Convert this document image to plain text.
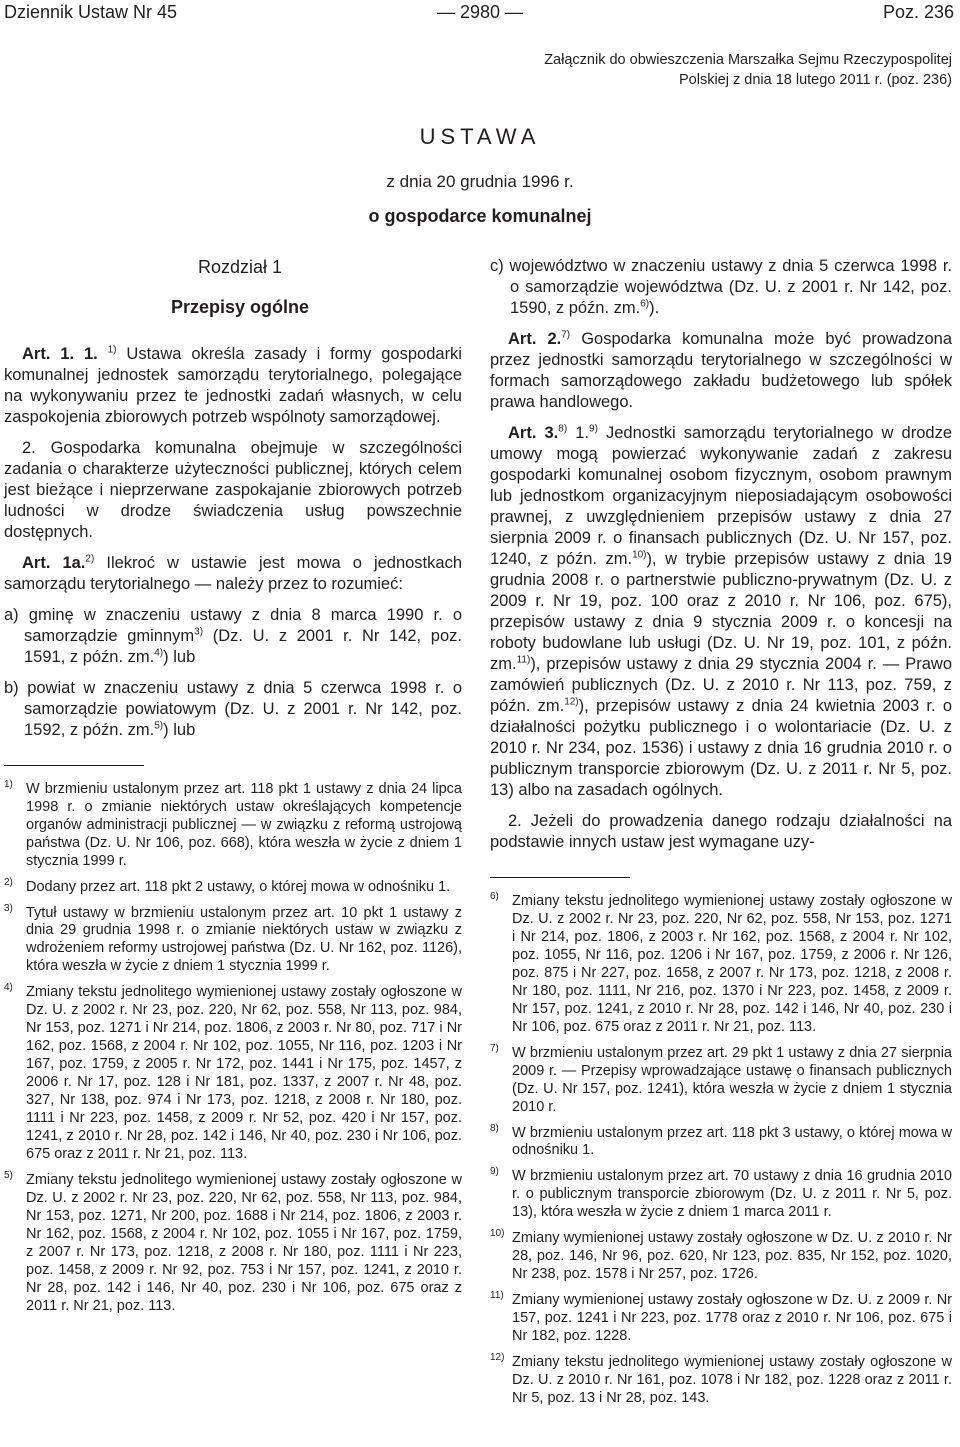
Dziennik Ustaw Nr 45	— 2980 —	Poz. 236
Załącznik do obwieszczenia Marszałka Sejmu Rzeczypospolitej
Polskiej z dnia 18 lutego 2011 r. (poz. 236)
USTAWA
z dnia 20 grudnia 1996 r.
o gospodarce komunalnej
Rozdział 1
Przepisy ogólne

Art. 1. 1. $^{1)}$ Ustawa określa zasady i formy gospodarki komunalnej jednostek samorządu terytorialnego, polegające na wykonywaniu przez te jednostki zadań własnych, w celu zaspokojenia zbiorowych potrzeb wspólnoty samorządowej.

2. Gospodarka komunalna obejmuje w szczególności zadania o charakterze użyteczności publicznej, których celem jest bieżące i nieprzerwane zaspokajanie zbiorowych potrzeb ludności w drodze świadczenia usług powszechnie dostępnych.

Art. 1a.$^{2)}$ Ilekroć w ustawie jest mowa o jednostkach samorządu terytorialnego — należy przez to rozumieć:

a) gminę w znaczeniu ustawy z dnia 8 marca 1990 r. o samorządzie gminnym$^{3)}$ (Dz. U. z 2001 r. Nr 142, poz. 1591, z późn. zm.$^{4)}$) lub
b) powiat w znaczeniu ustawy z dnia 5 czerwca 1998 r. o samorządzie powiatowym (Dz. U. z 2001 r. Nr 142, poz. 1592, z późn. zm.$^{5)}$) lub
1) W brzmieniu ustalonym przez art. 118 pkt 1 ustawy z dnia 24 lipca 1998 r. o zmianie niektórych ustaw określających kompetencje organów administracji publicznej — w związku z reformą ustrojową państwa (Dz. U. Nr 106, poz. 668), która weszła w życie z dniem 1 stycznia 1999 r.
2) Dodany przez art. 118 pkt 2 ustawy, o której mowa w odnośniku 1.
3) Tytuł ustawy w brzmieniu ustalonym przez art. 10 pkt 1 ustawy z dnia 29 grudnia 1998 r. o zmianie niektórych ustaw w związku z wdrożeniem reformy ustrojowej państwa (Dz. U. Nr 162, poz. 1126), która weszła w życie z dniem 1 stycznia 1999 r.
4) Zmiany tekstu jednolitego wymienionej ustawy zostały ogłoszone w Dz. U. z 2002 r. Nr 23, poz. 220, Nr 62, poz. 558, Nr 113, poz. 984, Nr 153, poz. 1271 i Nr 214, poz. 1806, z 2003 r. Nr 80, poz. 717 i Nr 162, poz. 1568, z 2004 r. Nr 102, poz. 1055, Nr 116, poz. 1203 i Nr 167, poz. 1759, z 2005 r. Nr 172, poz. 1441 i Nr 175, poz. 1457, z 2006 r. Nr 17, poz. 128 i Nr 181, poz. 1337, z 2007 r. Nr 48, poz. 327, Nr 138, poz. 974 i Nr 173, poz. 1218, z 2008 r. Nr 180, poz. 1111 i Nr 223, poz. 1458, z 2009 r. Nr 52, poz. 420 i Nr 157, poz. 1241, z 2010 r. Nr 28, poz. 142 i 146, Nr 40, poz. 230 i Nr 106, poz. 675 oraz z 2011 r. Nr 21, poz. 113.
5) Zmiany tekstu jednolitego wymienionej ustawy zostały ogłoszone w Dz. U. z 2002 r. Nr 23, poz. 220, Nr 62, poz. 558, Nr 113, poz. 984, Nr 153, poz. 1271, Nr 200, poz. 1688 i Nr 214, poz. 1806, z 2003 r. Nr 162, poz. 1568, z 2004 r. Nr 102, poz. 1055 i Nr 167, poz. 1759, z 2007 r. Nr 173, poz. 1218, z 2008 r. Nr 180, poz. 1111 i Nr 223, poz. 1458, z 2009 r. Nr 92, poz. 753 i Nr 157, poz. 1241, z 2010 r. Nr 28, poz. 142 i 146, Nr 40, poz. 230 i Nr 106, poz. 675 oraz z 2011 r. Nr 21, poz. 113.
c) województwo w znaczeniu ustawy z dnia 5 czerwca 1998 r. o samorządzie województwa (Dz. U. z 2001 r. Nr 142, poz. 1590, z późn. zm.$^{6)}$).

Art. 2.$^{7)}$ Gospodarka komunalna może być prowadzona przez jednostki samorządu terytorialnego w szczególności w formach samorządowego zakładu budżetowego lub spółek prawa handlowego.

Art. 3.$^{8)}$ 1.$^{9)}$ Jednostki samorządu terytorialnego w drodze umowy mogą powierzać wykonywanie zadań z zakresu gospodarki komunalnej osobom fizycznym, osobom prawnym lub jednostkom organizacyjnym nieposiadającym osobowości prawnej, z uwzględnieniem przepisów ustawy z dnia 27 sierpnia 2009 r. o finansach publicznych (Dz. U. Nr 157, poz. 1240, z późn. zm.$^{10)}$), w trybie przepisów ustawy z dnia 19 grudnia 2008 r. o partnerstwie publiczno-prywatnym (Dz. U. z 2009 r. Nr 19, poz. 100 oraz z 2010 r. Nr 106, poz. 675), przepisów ustawy z dnia 9 stycznia 2009 r. o koncesji na roboty budowlane lub usługi (Dz. U. Nr 19, poz. 101, z późn. zm.$^{11)}$), przepisów ustawy z dnia 29 stycznia 2004 r. — Prawo zamówień publicznych (Dz. U. z 2010 r. Nr 113, poz. 759, z późn. zm.$^{12)}$), przepisów ustawy z dnia 24 kwietnia 2003 r. o działalności pożytku publicznego i o wolontariacie (Dz. U. z 2010 r. Nr 234, poz. 1536) i ustawy z dnia 16 grudnia 2010 r. o publicznym transporcie zbiorowym (Dz. U. z 2011 r. Nr 5, poz. 13) albo na zasadach ogólnych.

2. Jeżeli do prowadzenia danego rodzaju działalności na podstawie innych ustaw jest wymagane uzy-

6) Zmiany tekstu jednolitego wymienionej ustawy zostały ogłoszone w Dz. U. z 2002 r. Nr 23, poz. 220, Nr 62, poz. 558, Nr 153, poz. 1271 i Nr 214, poz. 1806, z 2003 r. Nr 162, poz. 1568, z 2004 r. Nr 102, poz. 1055, Nr 116, poz. 1206 i Nr 167, poz. 1759, z 2006 r. Nr 126, poz. 875 i Nr 227, poz. 1658, z 2007 r. Nr 173, poz. 1218, z 2008 r. Nr 180, poz. 1111, Nr 216, poz. 1370 i Nr 223, poz. 1458, z 2009 r. Nr 157, poz. 1241, z 2010 r. Nr 28, poz. 142 i 146, Nr 40, poz. 230 i Nr 106, poz. 675 oraz z 2011 r. Nr 21, poz. 113.
7) W brzmieniu ustalonym przez art. 29 pkt 1 ustawy z dnia 27 sierpnia 2009 r. — Przepisy wprowadzające ustawę o finansach publicznych (Dz. U. Nr 157, poz. 1241), która weszła w życie z dniem 1 stycznia 2010 r.
8) W brzmieniu ustalonym przez art. 118 pkt 3 ustawy, o której mowa w odnośniku 1.
9) W brzmieniu ustalonym przez art. 70 ustawy z dnia 16 grudnia 2010 r. o publicznym transporcie zbiorowym (Dz. U. z 2011 r. Nr 5, poz. 13), która weszła w życie z dniem 1 marca 2011 r.
10) Zmiany wymienionej ustawy zostały ogłoszone w Dz. U. z 2010 r. Nr 28, poz. 146, Nr 96, poz. 620, Nr 123, poz. 835, Nr 152, poz. 1020, Nr 238, poz. 1578 i Nr 257, poz. 1726.
11) Zmiany wymienionej ustawy zostały ogłoszone w Dz. U. z 2009 r. Nr 157, poz. 1241 i Nr 223, poz. 1778 oraz z 2010 r. Nr 106, poz. 675 i Nr 182, poz. 1228.
12) Zmiany tekstu jednolitego wymienionej ustawy zostały ogłoszone w Dz. U. z 2010 r. Nr 161, poz. 1078 i Nr 182, poz. 1228 oraz z 2011 r. Nr 5, poz. 13 i Nr 28, poz. 143.
